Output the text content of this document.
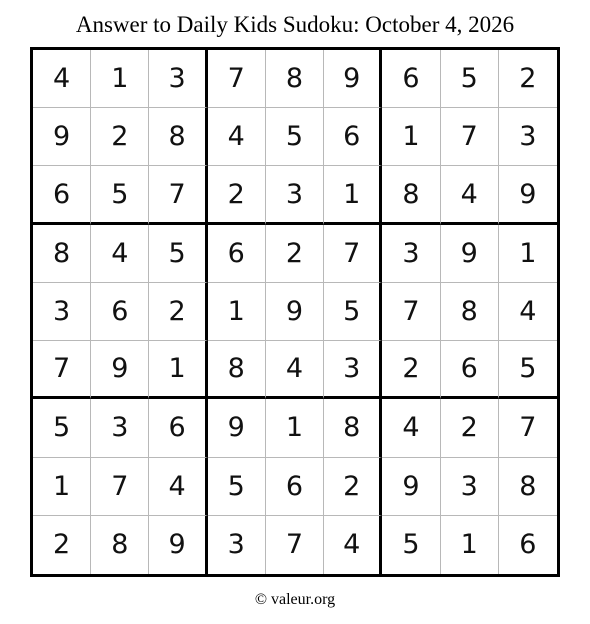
Answer to Daily Kids Sudoku: October 4, 2026
4	1	3	7	8	9	6	5	2
9	2	8	4	5	6	1	7	3
6	5	7	2	3	1	8	4	9
8	4	5	6	2	7	3	9	1
3	6	2	1	9	5	7	8	4
7	9	1	8	4	3	2	6	5
5	3	6	9	1	8	4	2	7
1	7	4	5	6	2	9	3	8
2	8	9	3	7	4	5	1	6
© valeur.org
